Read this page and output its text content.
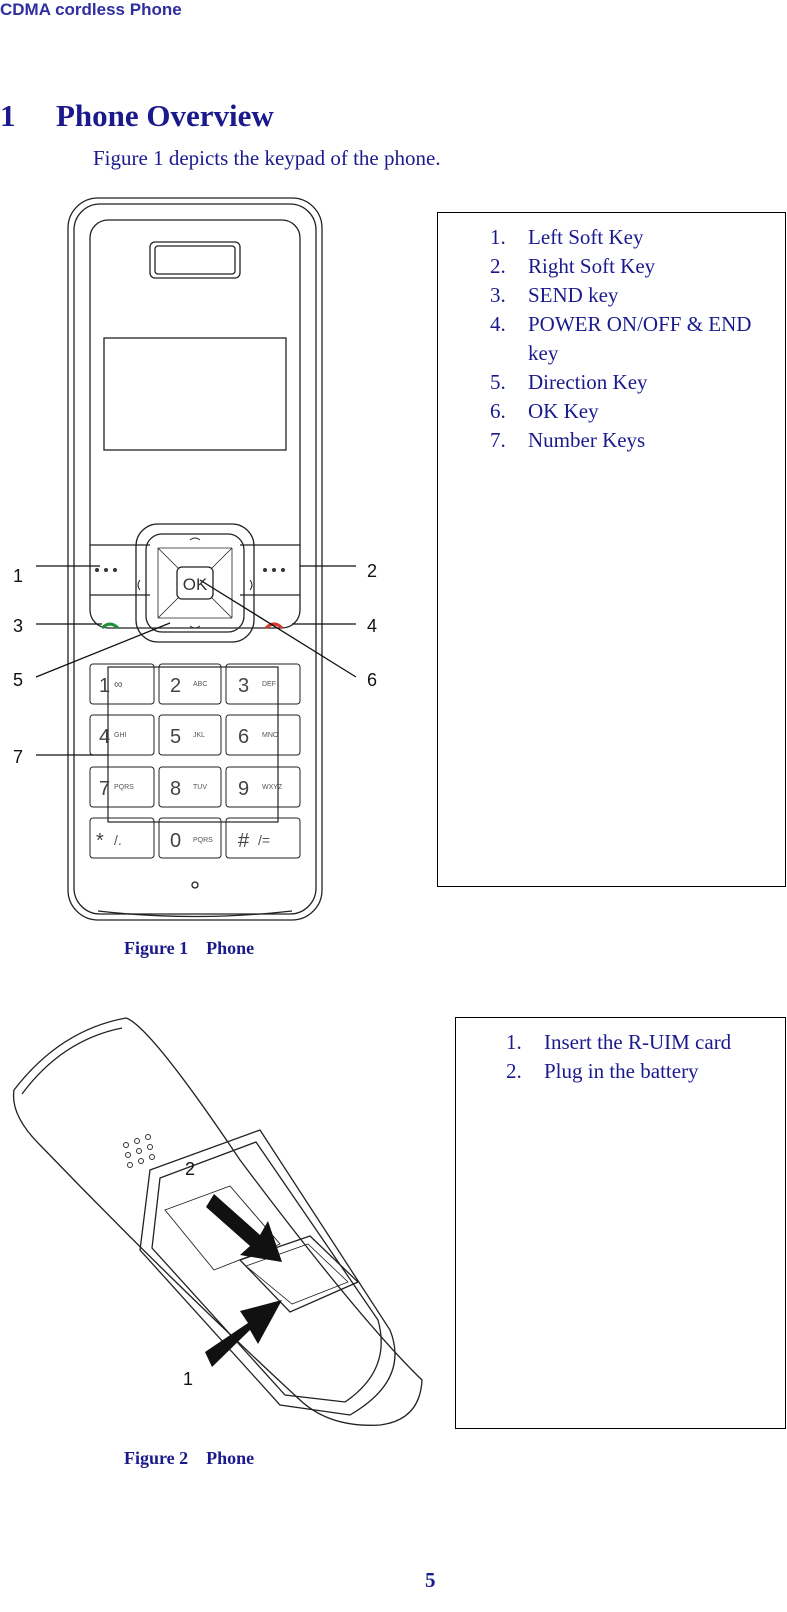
CDMA cordless Phone
1 Phone Overview
Figure 1 depicts the keypad of the phone.
OK
1	2	3
4	5	6
7	8	9
*	0	#
∞	ABC	DEF
GHI	JKL	MNO
PQRS	TUV	WXYZ
/.	PQRS	/=
1	2
3	4
5	6
7
1. Left Soft Key
2. Right Soft Key
3. SEND key
4. POWER ON/OFF & END key
5. Direction Key
6. OK Key
7. Number Keys
Figure 1    Phone
2
1
1. Insert the R-UIM card
2. Plug in the battery
Figure 2    Phone
5
